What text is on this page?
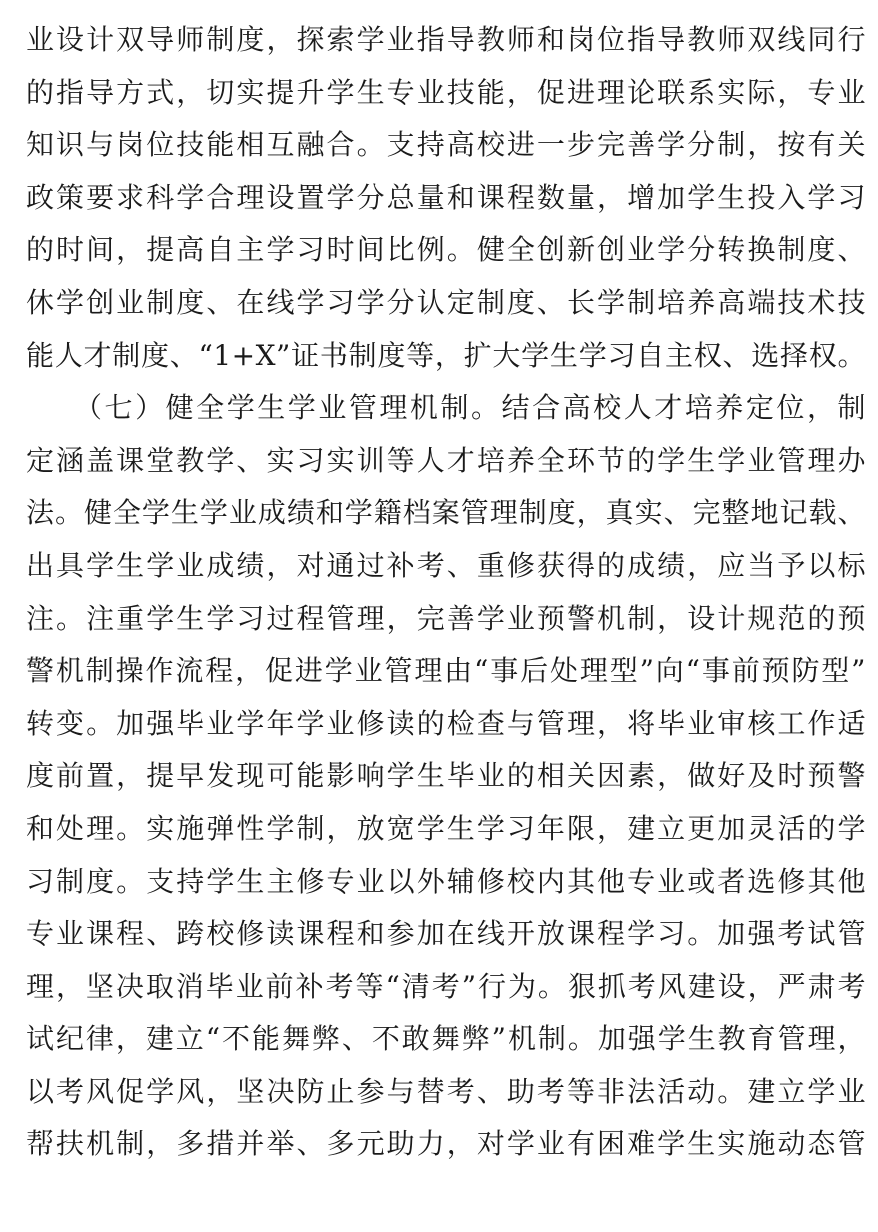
业设计双导师制度，探索学业指导教师和岗位指导教师双线同行
的指导方式，切实提升学生专业技能，促进理论联系实际，专业
知识与岗位技能相互融合。支持高校进一步完善学分制，按有关
政策要求科学合理设置学分总量和课程数量，增加学生投入学习
的时间，提高自主学习时间比例。健全创新创业学分转换制度、
休学创业制度、在线学习学分认定制度、长学制培养高端技术技
能人才制度、“1+X”证书制度等，扩大学生学习自主权、选择权。
（七）健全学生学业管理机制。结合高校人才培养定位，制
定涵盖课堂教学、实习实训等人才培养全环节的学生学业管理办
法。健全学生学业成绩和学籍档案管理制度，真实、完整地记载、
出具学生学业成绩，对通过补考、重修获得的成绩，应当予以标
注。注重学生学习过程管理，完善学业预警机制，设计规范的预
警机制操作流程，促进学业管理由“事后处理型”向“事前预防型”
转变。加强毕业学年学业修读的检查与管理，将毕业审核工作适
度前置，提早发现可能影响学生毕业的相关因素，做好及时预警
和处理。实施弹性学制，放宽学生学习年限，建立更加灵活的学
习制度。支持学生主修专业以外辅修校内其他专业或者选修其他
专业课程、跨校修读课程和参加在线开放课程学习。加强考试管
理，坚决取消毕业前补考等“清考”行为。狠抓考风建设，严肃考
试纪律，建立“不能舞弊、不敢舞弊”机制。加强学生教育管理，
以考风促学风，坚决防止参与替考、助考等非法活动。建立学业
帮扶机制，多措并举、多元助力，对学业有困难学生实施动态管
